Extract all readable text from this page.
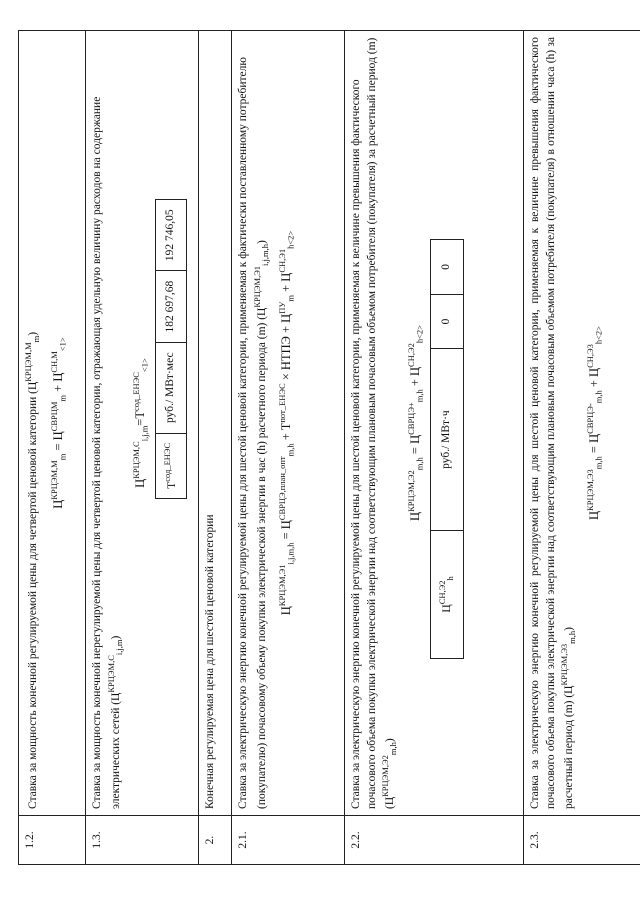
1.2.	
Ставка за мощность конечной регулируемой цены для четвертой ценовой категории $(Ц^{КРЦЭМ,М}_m)$
$Ц^{КРЦЭМ,М}_m = Ц^{СВРЦМ}_m + Ц^{СН,М}_{<1>}$

1.3.	
Ставка за мощность конечной нерегулируемой цены для четвертой ценовой категории, отражающая удельную величину расходов на содержание электрических сетей $(Ц^{КРЦЭМ,С}_{i,j,m})$
$Ц^{КРЦЭМ,С}_{i,j,m}=T^{сод\_ЕНЭС}_{<1>}$
$T^{сод\_ЕНЭС}$	руб./ МВт·мес	182 697,68	192 746,05

2.	Конечная регулируемая цена для шестой ценовой категории
2.1.	
Ставка за электрическую энергию конечной регулируемой цены для шестой ценовой категории, применяемая к фактически поставленному потребителю (покупателю) почасовому объему покупки электрической энергии в час (h) расчетного периода (m) $(Ц^{КРЦЭМ,Э1}_{i,j,m,h})$
$Ц^{КРЦЭМ,Э1}_{i,j,m,h} = Ц^{СВРЦЭ,план\_опт}_{m,h} + T^{пот\_ЕНЭС}$ × НТПЭ + $Ц^{ПУ}_m + Ц^{СН,Э1}_{h<2>}$

2.2.	
Ставка за электрическую энергию конечной регулируемой цены для шестой ценовой категории, применяемая к величине превышения фактического почасового объема покупки электрической энергии над соответствующим плановым почасовым объемом потребителя (покупателя) за расчетный период (m) $(Ц^{КРЦЭМ,Э2}_{m,h})$
$Ц^{КРЦЭМ,Э2}_{m,h} = Ц^{СВРЦЭ+}_{m,h} + Ц^{СН,Э2}_{h<2>}$
$Ц^{СН,Э2}_h$	руб./ МВт·ч	0	0

2.3.	
Ставка за электрическую энергию конечной регулируемой цены для шестой ценовой категории, применяемая к величине превышения фактического почасового объема покупки электрической энергии над соответствующим плановым почасовым объемом потребителя (покупателя) в отношении часа (h) за расчетный период (m) $(Ц^{КРЦЭМ,Э3}_{m,h})$
$Ц^{КРЦЭМ,Э3}_{m,h} = Ц^{СВРЦЭ-}_{m,h} + Ц^{СН,Э3}_{h<2>}$
